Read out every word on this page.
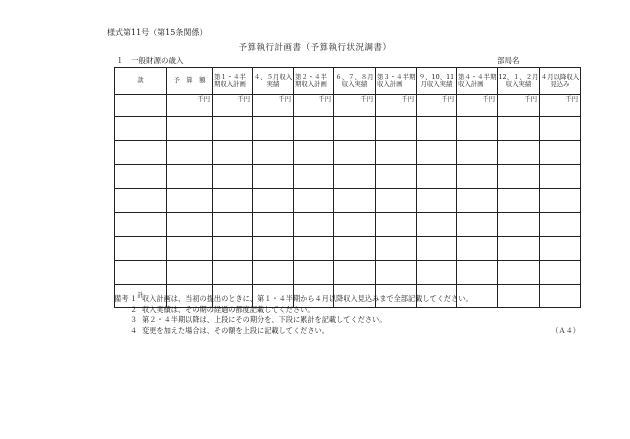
様式第11号（第15条関係）
予算執行計画書（予算執行状況調書）
１　一般財源の歳入	部局名
款	予　算　額	第１・４半期収入計画	４、５月収入実績	第２・４半期収入計画	６、７、８月収入実績	第３・４半期収入計画	９、10、11月収入実績	第４・４半期収入計画	12、１、２月収入実績	４月以降収入見込み
	千円	千円	千円	千円	千円	千円	千円	千円	千円	千円

計										
備考 １ 収入計画は、当初の提出のときに、第１・４半期から４月以降収入見込みまで全部記載してください。
２ 収入実績は、その期の経過の都度記載してください。
３ 第２・４半期以降は、上段にその期分を、下段に累計を記載してください。
４ 変更を加えた場合は、その額を上段に記載してください。	（Ａ４）
